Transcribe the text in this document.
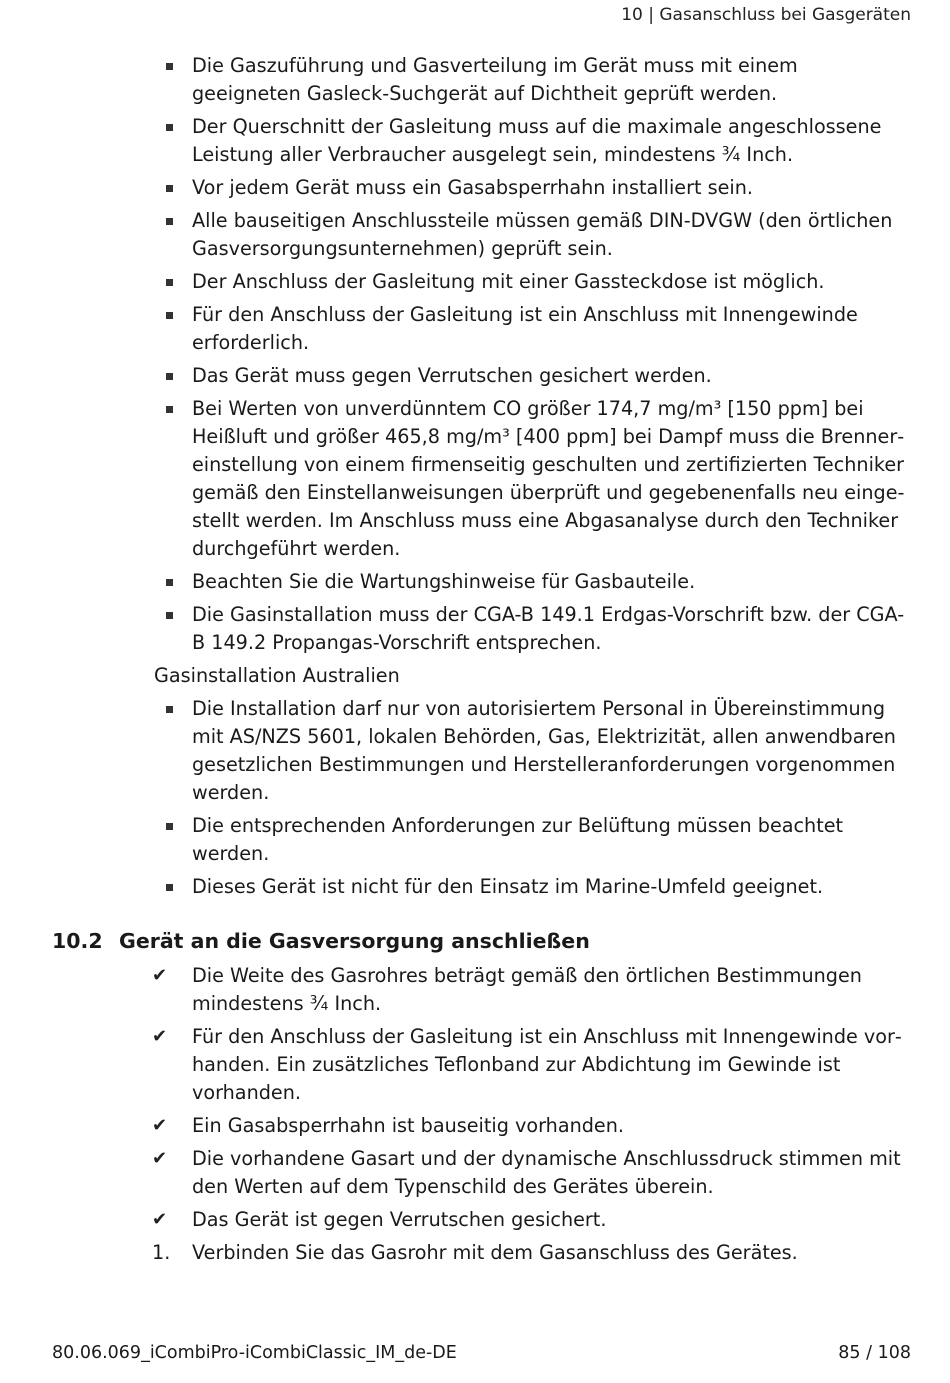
10 | Gasanschluss bei Gasgeräten
Die Gaszuführung und Gasverteilung im Gerät muss mit einem geeigneten Gasleck-Suchgerät auf Dichtheit geprüft werden.
Der Querschnitt der Gasleitung muss auf die maximale angeschlossene Leistung aller Verbraucher ausgelegt sein, mindestens ¾ Inch.
Vor jedem Gerät muss ein Gasabsperrhahn installiert sein.
Alle bauseitigen Anschlussteile müssen gemäß DIN-DVGW (den örtlichen Gasversorgungsunternehmen) geprüft sein.
Der Anschluss der Gasleitung mit einer Gassteckdose ist möglich.
Für den Anschluss der Gasleitung ist ein Anschluss mit Innengewinde erforderlich.
Das Gerät muss gegen Verrutschen gesichert werden.
Bei Werten von unverdünntem CO größer 174,7 mg/m³ [150 ppm] bei Heißluft und größer 465,8 mg/m³ [400 ppm] bei Dampf muss die Brennereinstellung von einem firmenseitig geschulten und zertifizierten Techniker gemäß den Einstellanweisungen überprüft und gegebenenfalls neu eingestellt werden. Im Anschluss muss eine Abgasanalyse durch den Techniker durchgeführt werden.
Beachten Sie die Wartungshinweise für Gasbauteile.
Die Gasinstallation muss der CGA-B 149.1 Erdgas-Vorschrift bzw. der CGA-B 149.2 Propangas-Vorschrift entsprechen.
Gasinstallation Australien
Die Installation darf nur von autorisiertem Personal in Übereinstimmung mit AS/NZS 5601, lokalen Behörden, Gas, Elektrizität, allen anwendbaren gesetzlichen Bestimmungen und Herstelleranforderungen vorgenommen werden.
Die entsprechenden Anforderungen zur Belüftung müssen beachtet werden.
Dieses Gerät ist nicht für den Einsatz im Marine-Umfeld geeignet.
10.2 Gerät an die Gasversorgung anschließen
✔ Die Weite des Gasrohres beträgt gemäß den örtlichen Bestimmungen mindestens ¾ Inch.
✔ Für den Anschluss der Gasleitung ist ein Anschluss mit Innengewinde vorhanden. Ein zusätzliches Teflonband zur Abdichtung im Gewinde ist vorhanden.
✔ Ein Gasabsperrhahn ist bauseitig vorhanden.
✔ Die vorhandene Gasart und der dynamische Anschlussdruck stimmen mit den Werten auf dem Typenschild des Gerätes überein.
✔ Das Gerät ist gegen Verrutschen gesichert.
1. Verbinden Sie das Gasrohr mit dem Gasanschluss des Gerätes.
80.06.069_iCombiPro-iCombiClassic_IM_de-DE	85 / 108
